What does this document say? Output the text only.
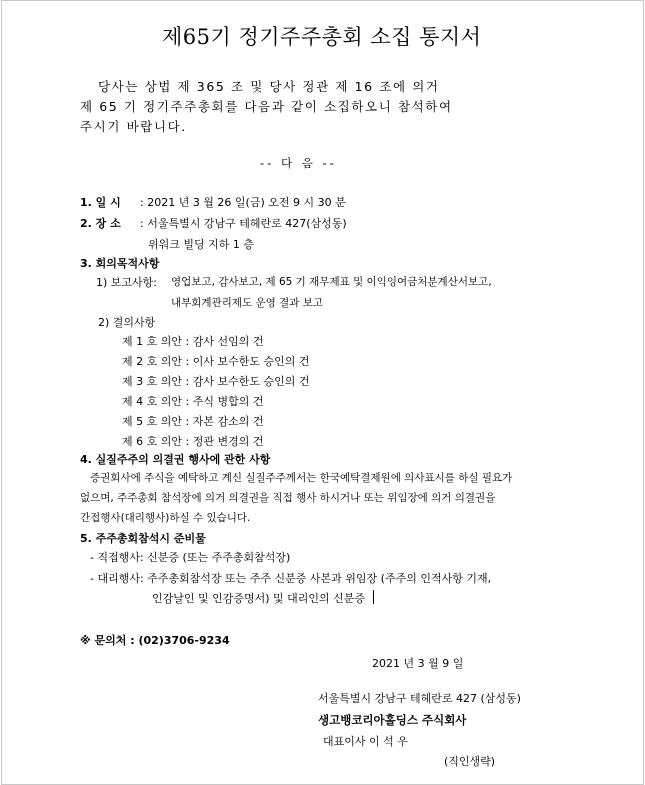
제65기 정기주주총회 소집 통지서
당사는 상법 제 365 조 및 당사 정관 제 16 조에 의거
제 65 기 정기주주총회를 다음과 같이 소집하오니 참석하여
주시기 바랍니다.
-- 다 음 --
1. 일 시 : 2021 년 3 월 26 일(금) 오전 9 시 30 분
2. 장 소 : 서울특별시 강남구 테헤란로 427(삼성동)
위워크 빌딩 지하 1 층
3. 회의목적사항
1) 보고사항: 영업보고, 감사보고, 제 65 기 재무제표 및 이익잉여금처분계산서보고,
내부회계관리제도 운영 결과 보고
2) 결의사항
제 1 호 의안 : 감사 선임의 건
제 2 호 의안 : 이사 보수한도 승인의 건
제 3 호 의안 : 감사 보수한도 승인의 건
제 4 호 의안 : 주식 병합의 건
제 5 호 의안 : 자본 감소의 건
제 6 호 의안 : 정관 변경의 건
4. 실질주주의 의결권 행사에 관한 사항
증권회사에 주식을 예탁하고 계신 실질주주께서는 한국예탁결제원에 의사표시를 하실 필요가
없으며, 주주총회 참석장에 의거 의결권을 직접 행사 하시거나 또는 위임장에 의거 의결권을
간접행사(대리행사)하실 수 있습니다.
5. 주주총회참석시 준비물
- 직접행사: 신분증 (또는 주주총회참석장)
- 대리행사: 주주총회참석장 또는 주주 신분증 사본과 위임장 (주주의 인적사항 기재,
인감날인 및 인감증명서) 및 대리인의 신분증
※ 문의처 : (02)3706-9234
2021 년 3 월 9 일
서울특별시 강남구 테헤란로 427 (삼성동)
생고뱅코리아홀딩스 주식회사
대표이사 이 석 우
(직인생략)
